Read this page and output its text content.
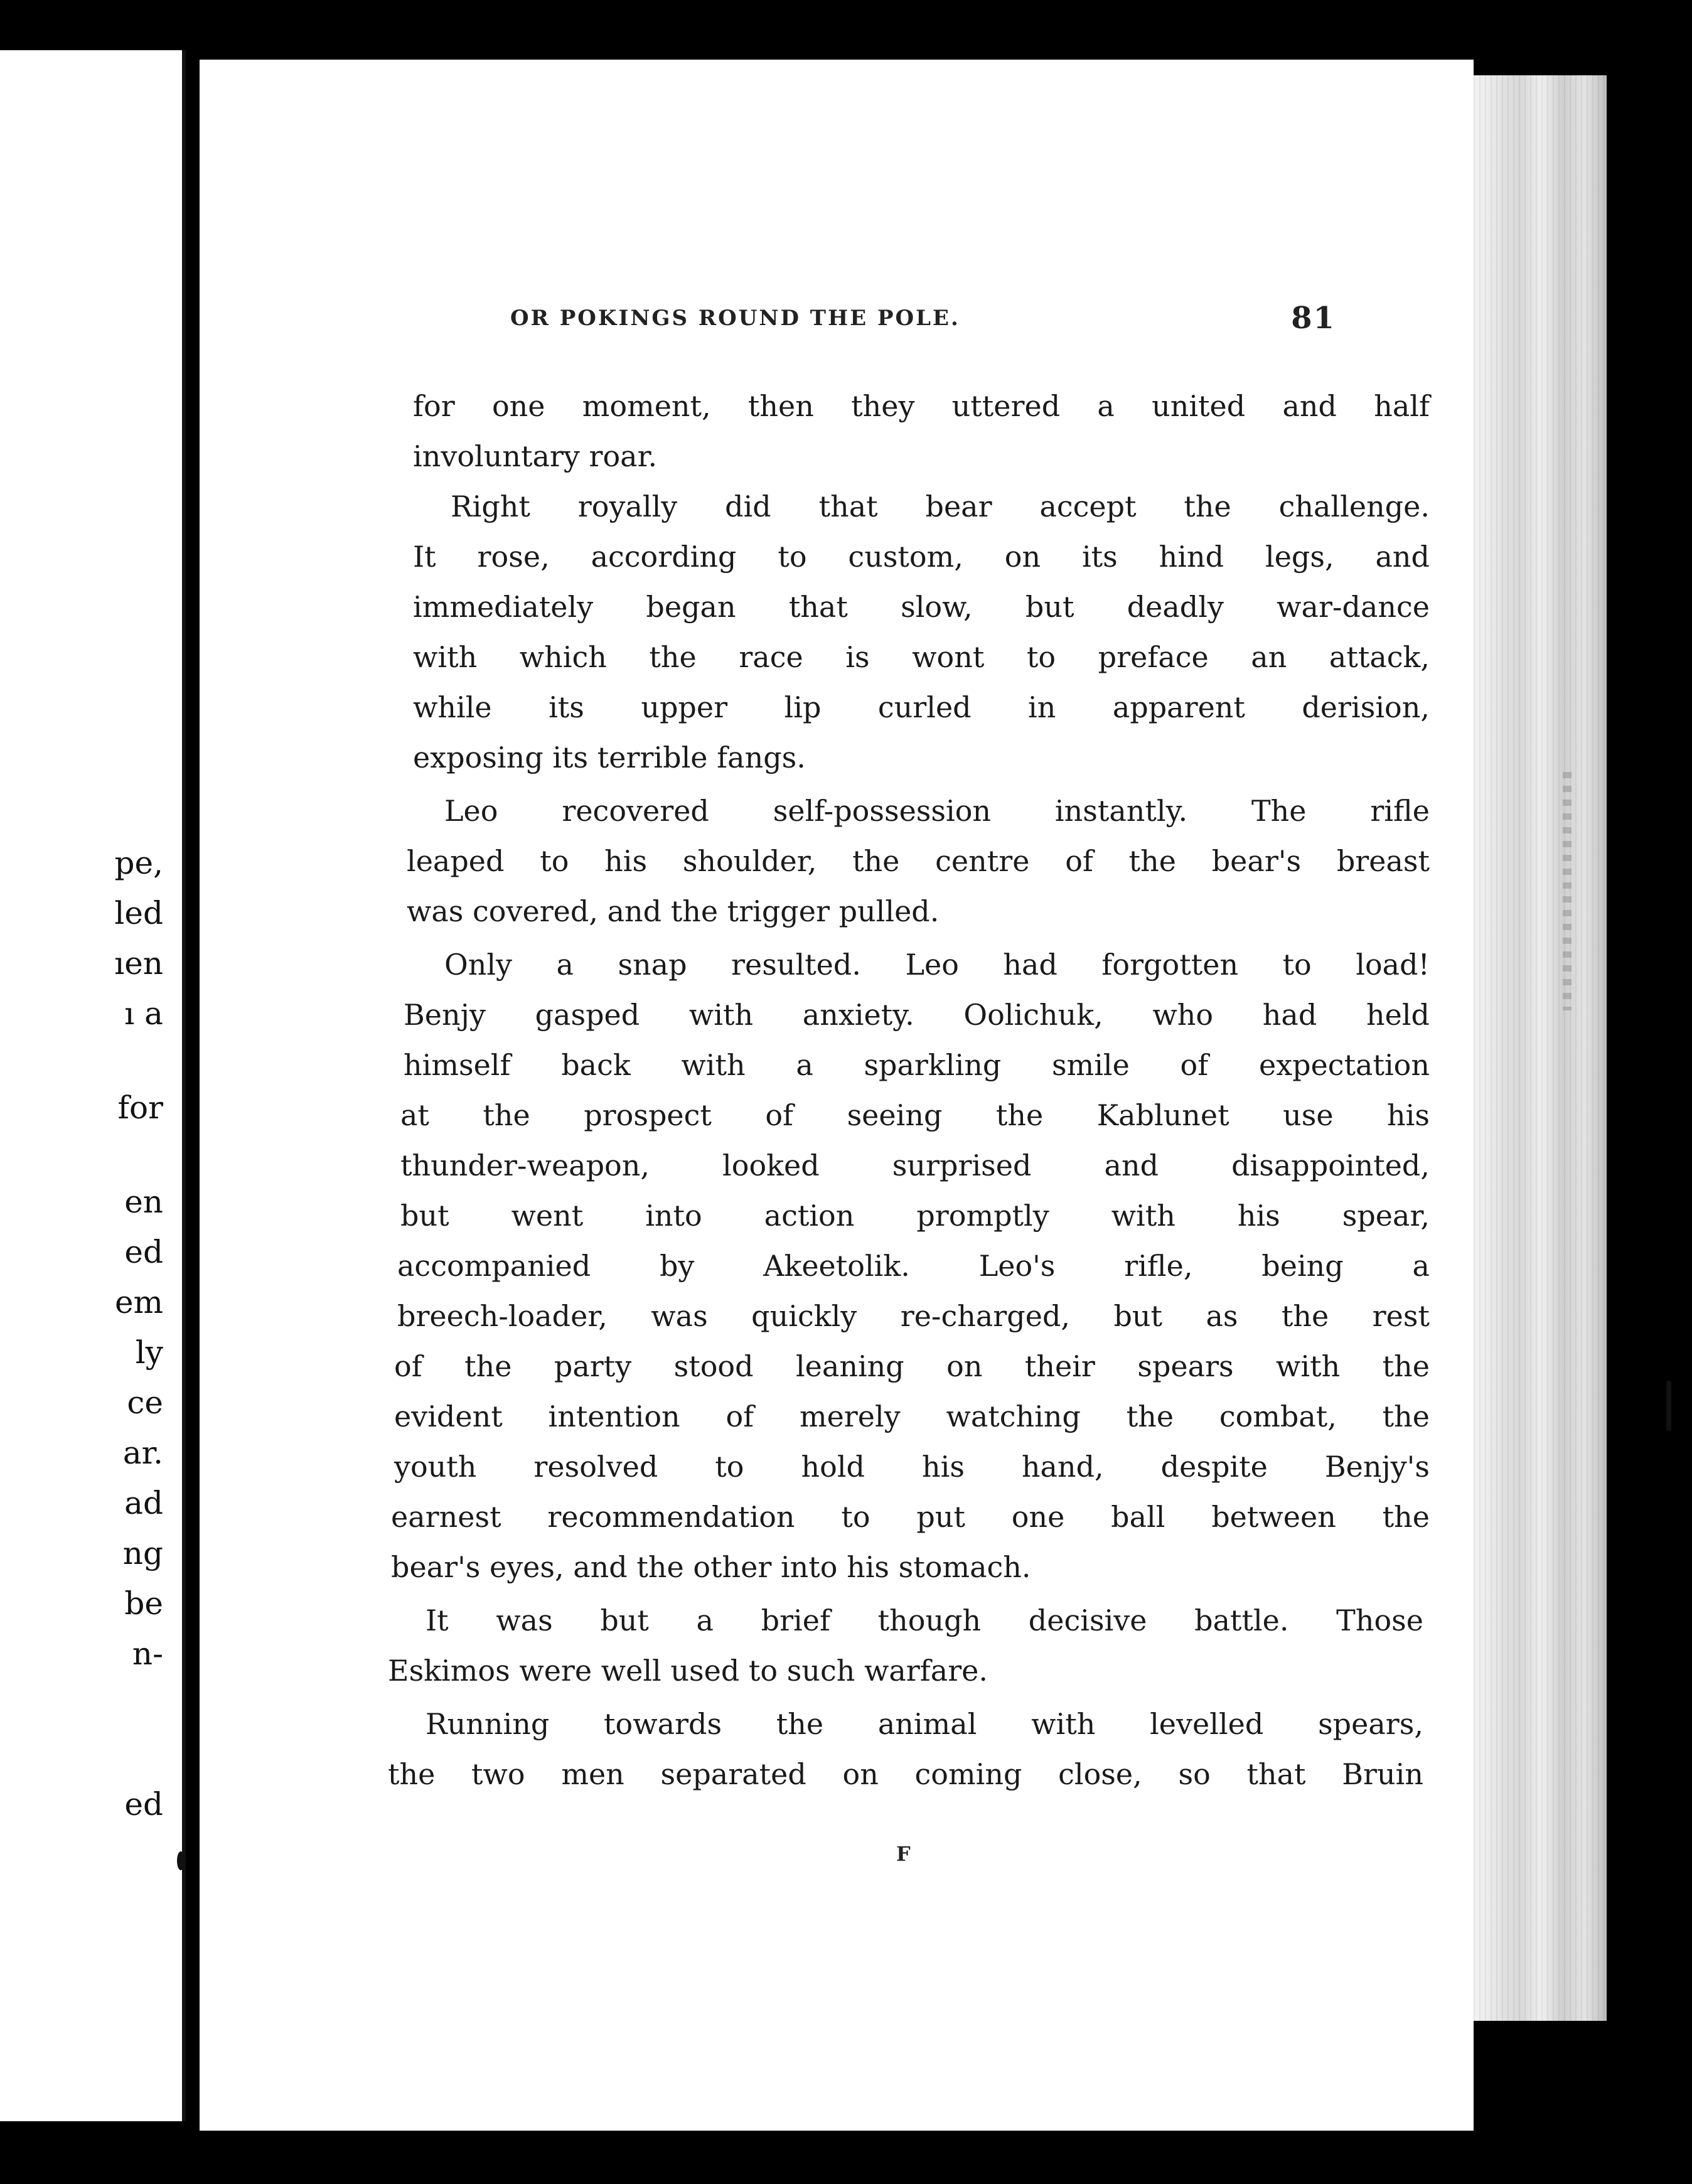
pe,
led
ıen
ı a
for
en
ed
em
ly
ce
ar.
ad
ng
be
n-
ed
OR POKINGS ROUND THE POLE.	81
for one moment, then they uttered a united and half
involuntary roar.
Right royally did that bear accept the challenge.
It rose, according to custom, on its hind legs, and
immediately began that slow, but deadly war-dance
with which the race is wont to preface an attack,
while its upper lip curled in apparent derision,
exposing its terrible fangs.
Leo recovered self-possession instantly. The rifle
leaped to his shoulder, the centre of the bear's breast
was covered, and the trigger pulled.
Only a snap resulted. Leo had forgotten to load!
Benjy gasped with anxiety. Oolichuk, who had held
himself back with a sparkling smile of expectation
at the prospect of seeing the Kablunet use his
thunder-weapon, looked surprised and disappointed,
but went into action promptly with his spear,
accompanied by Akeetolik. Leo's rifle, being a
breech-loader, was quickly re-charged, but as the rest
of the party stood leaning on their spears with the
evident intention of merely watching the combat, the
youth resolved to hold his hand, despite Benjy's
earnest recommendation to put one ball between the
bear's eyes, and the other into his stomach.
It was but a brief though decisive battle. Those
Eskimos were well used to such warfare.
Running towards the animal with levelled spears,
the two men separated on coming close, so that Bruin
F
